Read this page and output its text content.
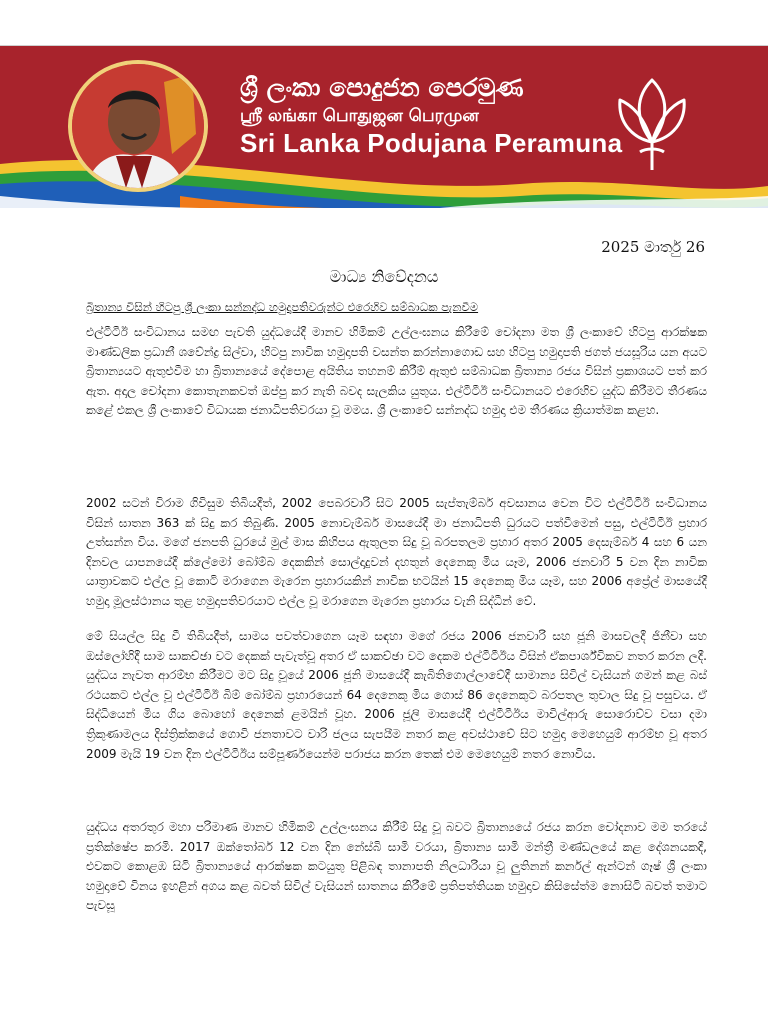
ශ්‍රී ලංකා පොදුජන පෙරමුණ
ஸ்ரீ லங்கா பொதுஜன பெரமுன
Sri Lanka Podujana Peramuna
2025 මාර්තු 26
මාධ්‍ය නිවේදනය
බ්‍රිතාන්‍ය විසින් හිටපු ශ්‍රී ලංකා සන්නද්ධ හමුදාපතිවරුන්ට එරෙහිව සම්බාධක පැනවීම
එල්ටීටීඊ සංවිධානය සමඟ පැවති යුද්ධයේදී මානව හිමිකම් උල්ලංඝනය කිරීමේ චෝදනා මත ශ්‍රී ලංකාවේ හිටපු ආරක්ෂක මාණ්ඩලික ප්‍රධානී ශවේන්ද්‍ර සිල්වා, හිටපු නාවික හමුදාපති වසන්ත කරන්නාගොඩ සහ හිටපු හමුදාපති ජගත් ජයසූරිය යන අයට බ්‍රිතාන්‍යයට ඇතුළුවීම හා බ්‍රිතාන්‍යයේ දේපොළ අයිතිය තහනම් කිරීම් ඇතුළු සම්බාධක බ්‍රිතාන්‍ය රජය විසින් ප්‍රකාශයට පත් කර ඇත. අදාල චෝදනා කොතැනකවත් ඔප්පු කර නැති බවද සැලකිය යුතුය. එල්ටීටීඊ සංවිධානයට එරෙහිව යුද්ධ කිරීමට තීරණය කළේ එකල ශ්‍රී ලංකාවේ විධායක ජනාධිපතිවරයා වූ මමය. ශ්‍රී ලංකාවේ සන්නද්ධ හමුදා එම තීරණය ක්‍රියාත්මක කළහ.
2002 සටන් විරාම ගිවිසුම තිබියදීත්, 2002 පෙබරවාරි සිට 2005 සැප්තැම්බර් අවසානය වෙන විට එල්ටීටීඊ සංවිධානය විසින් ඝාතන 363 ක් සිදු කර තිබුණි. 2005 නොවැම්බර් මාසයේදී මා ජනාධිපති ධුරයට පත්වීමෙන් පසු, එල්ටීටීඊ ප්‍රහාර උත්සන්න විය. මගේ ජනපති ධුරයේ මුල් මාස කිහිපය ඇතුලත සිදු වූ බරපතලම ප්‍රහාර අතර 2005 දෙසැම්බර් 4 සහ 6 යන දිනවල යාපනයේදී ක්ලේමෝ බෝම්බ දෙකකින් සොල්දාදුවන් දහතුන් දෙනෙකු මිය යෑම, 2006 ජනවාරි 5 වන දින නාවික යාත්‍රාවකට එල්ල වූ කොටි මරාගෙන මැරෙන ප්‍රහාරයකින් නාවික භටයින් 15 දෙනෙකු මිය යෑම, සහ 2006 අප්‍රේල් මාසයේදී හමුදා මූලස්ථානය තුළ හමුදාපතිවරයාට එල්ල වූ මරාගෙන මැරෙන ප්‍රහාරය වැනි සිද්ධීන් වේ.
මේ සියල්ල සිදු වී තිබියදීත්, සාමය පවත්වාගෙන යෑම සඳහා මගේ රජය 2006 ජනවාරි සහ ජූනි මාසවලදී ජිනීවා සහ ඔස්ලෝහිදී සාම සාකච්ඡා වට දෙකක් පැවැත්වූ අතර ඒ සාකච්ඡා වට දෙකම එල්ටීටීඊය විසින් ඒකපාර්ශ්විකව නතර කරන ලදී. යුද්ධය නැවත ආරම්භ කිරීමට මට සිදු වූයේ 2006 ජූනි මාසයේදී කැබිතිගොල්ලාවේදී සාමාන්‍ය සිවිල් වැසියන් ගමන් කළ බස් රථයකට එල්ල වූ එල්ටීටීඊ බිම් බෝම්බ ප්‍රහාරයෙන් 64 දෙනෙකු මිය ගොස් 86 දෙනෙකුට බරපතල තුවාල සිදු වූ පසුවය. ඒ සිද්ධියෙන් මිය ගිය බොහෝ දෙනෙක් ළමයින් වූහ. 2006 ජූලි මාසයේදී එල්ටීටීඊය මාවිල්ආරු සොරොව්ව වසා දමා ත්‍රිකුණාමලය දිස්ත්‍රික්කයේ ගොවි ජනතාවට වාරි ජලය සැපයීම නතර කළ අවස්ථාවේ සිට හමුදා මෙහෙයුම් ආරම්භ වූ අතර 2009 මැයි 19 වන දින එල්ටීටීඊය සම්පූර්ණයෙන්ම පරාජය කරන තෙක් එම මෙහෙයුම් නතර නොවිය.
යුද්ධය අතරතුර මහා පරිමාණ මානව හිමිකම් උල්ලංඝනය කිරීම් සිදු වූ බවට බ්‍රිතාන්‍යයේ රජය කරන චෝදනාව මම තරයේ ප්‍රතික්ෂේප කරමි. 2017 ඔක්තෝබර් 12 වන දින නේස්බි සාමි වරයා, බ්‍රිතාන්‍ය සාමි මන්ත්‍රී මණ්ඩලයේ කළ දේශනයකදී, එවකට කොළඹ සිටි බ්‍රිතාන්‍යයේ ආරක්ෂක කටයුතු පිළිබඳ තානාපති නිලධාරියා වූ ලුතිනන් කර්නල් ඇන්ටන් ගෑෂ් ශ්‍රී ලංකා හමුදාවේ විනය ඉහළින් අගය කළ බවත් සිවිල් වැසියන් ඝාතනය කිරීමේ ප්‍රතිපත්තියක හමුදාව කිසිසේත්ම නොසිටි බවත් තමාට පැවසූ
